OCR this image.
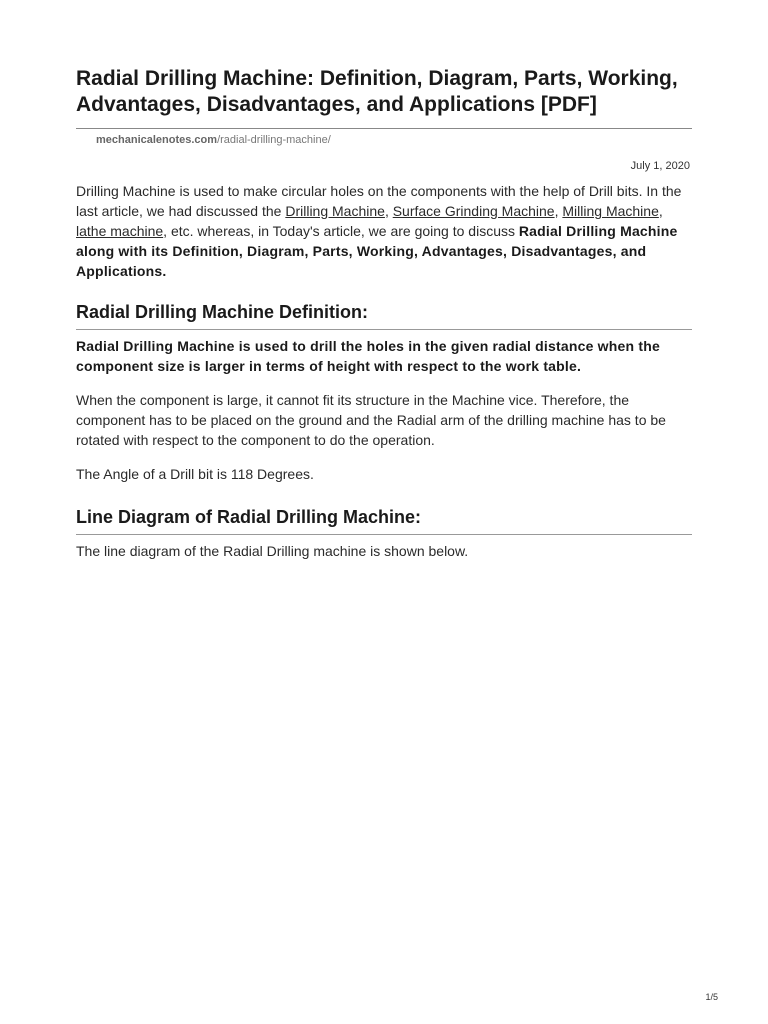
Radial Drilling Machine: Definition, Diagram, Parts, Working, Advantages, Disadvantages, and Applications [PDF]
mechanicalenotes.com/radial-drilling-machine/
July 1, 2020

Drilling Machine is used to make circular holes on the components with the help of Drill bits. In the last article, we had discussed the Drilling Machine, Surface Grinding Machine, Milling Machine, lathe machine, etc. whereas, in Today's article, we are going to discuss Radial Drilling Machine along with its Definition, Diagram, Parts, Working, Advantages, Disadvantages, and Applications.

Radial Drilling Machine Definition:

Radial Drilling Machine is used to drill the holes in the given radial distance when the component size is larger in terms of height with respect to the work table.

When the component is large, it cannot fit its structure in the Machine vice. Therefore, the component has to be placed on the ground and the Radial arm of the drilling machine has to be rotated with respect to the component to do the operation.

The Angle of a Drill bit is 118 Degrees.

Line Diagram of Radial Drilling Machine:

The line diagram of the Radial Drilling machine is shown below.

1/5
